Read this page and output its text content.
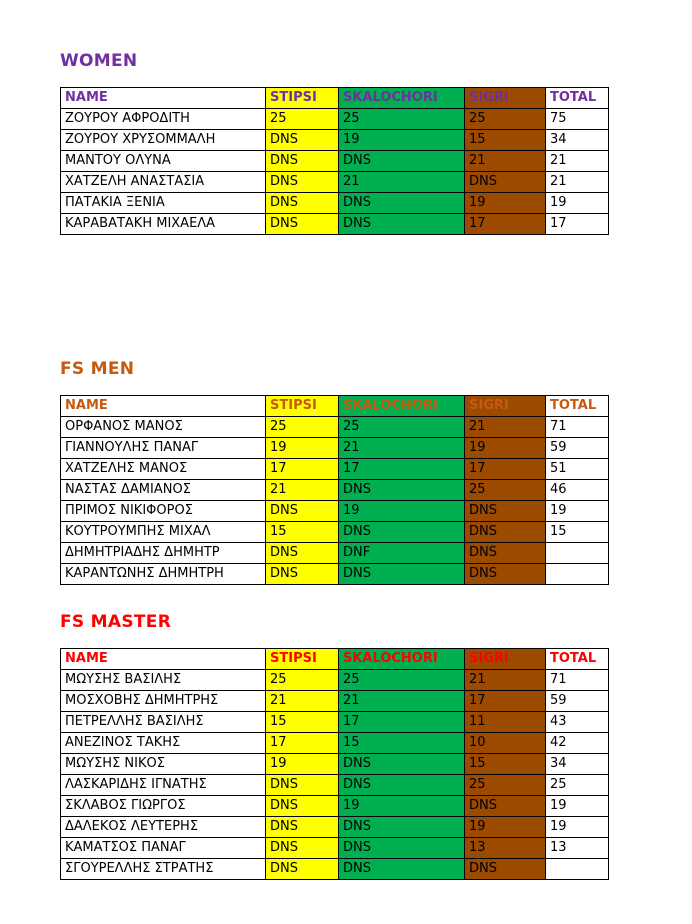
WOMEN
NAME	STIPSI	SKALOCHORI	SIGRI	TOTAL
ΖΟΥΡΟΥ ΑΦΡΟΔΙΤΗ	25	25	25	75
ΖΟΥΡΟΥ ΧΡΥΣΟΜΜΑΛΗ	DNS	19	15	34
ΜΑΝΤΟΥ ΟΛΥΝΑ	DNS	DNS	21	21
ΧΑΤΖΕΛΗ ΑΝΑΣΤΑΣΙΑ	DNS	21	DNS	21
ΠΑΤΑΚΙΑ ΞΕΝΙΑ	DNS	DNS	19	19
ΚΑΡΑΒΑΤΑΚΗ ΜΙΧΑΕΛΑ	DNS	DNS	17	17
FS MEN
NAME	STIPSI	SKALOCHORI	SIGRI	TOTAL
ΟΡΦΑΝΟΣ ΜΑΝΟΣ	25	25	21	71
ΓΙΑΝΝΟΥΛΗΣ ΠΑΝΑΓ	19	21	19	59
ΧΑΤΖΕΛΗΣ ΜΑΝΟΣ	17	17	17	51
ΝΑΣΤΑΣ ΔΑΜΙΑΝΟΣ	21	DNS	25	46
ΠΡΙΜΟΣ ΝΙΚΙΦΟΡΟΣ	DNS	19	DNS	19
ΚΟΥΤΡΟΥΜΠΗΣ ΜΙΧΑΛ	15	DNS	DNS	15
ΔΗΜΗΤΡΙΑΔΗΣ ΔΗΜΗΤΡ	DNS	DNF	DNS	
ΚΑΡΑΝΤΩΝΗΣ ΔΗΜΗΤΡΗ	DNS	DNS	DNS	
FS MASTER
NAME	STIPSI	SKALOCHORI	SIGRI	TOTAL
ΜΩΥΣΗΣ ΒΑΣΙΛΗΣ	25	25	21	71
ΜΟΣΧΟΒΗΣ ΔΗΜΗΤΡΗΣ	21	21	17	59
ΠΕΤΡΕΛΛΗΣ ΒΑΣΙΛΗΣ	15	17	11	43
ΑΝΕΖΙΝΟΣ ΤΑΚΗΣ	17	15	10	42
ΜΩΥΣΗΣ ΝΙΚΟΣ	19	DNS	15	34
ΛΑΣΚΑΡΙΔΗΣ ΙΓΝΑΤΗΣ	DNS	DNS	25	25
ΣΚΛΑΒΟΣ ΓΙΩΡΓΟΣ	DNS	19	DNS	19
ΔΑΛΕΚΟΣ ΛΕΥΤΕΡΗΣ	DNS	DNS	19	19
ΚΑΜΑΤΣΟΣ ΠΑΝΑΓ	DNS	DNS	13	13
ΣΓΟΥΡΕΛΛΗΣ ΣΤΡΑΤΗΣ	DNS	DNS	DNS	
